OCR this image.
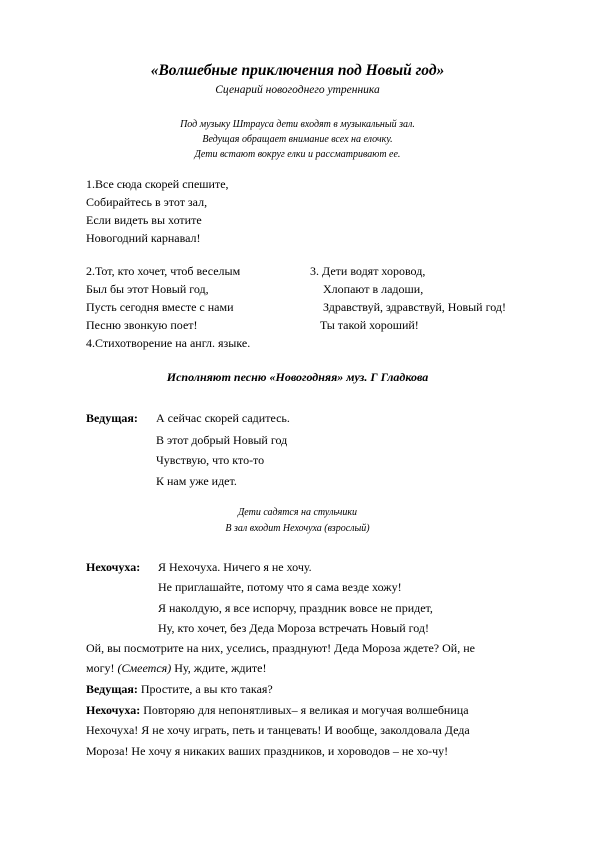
«Волшебные приключения под Новый год»
Сценарий новогоднего утренника
Под музыку Штрауса дети входят в музыкальный зал.
Ведущая обращает внимание всех на елочку.
Дети встают вокруг елки и рассматривают ее.
1.Все сюда скорей спешите,
Собирайтесь в этот зал,
Если видеть вы хотите
Новогодний карнавал!
2.Тот, кто хочет, чтоб веселым
Был бы этот Новый год,
Пусть сегодня вместе с нами
Песню звонкую поет!
4.Стихотворение на англ. языке.
3. Дети водят хоровод,
Хлопают в ладоши,
Здравствуй, здравствуй, Новый год!
Ты такой хороший!
Исполняют песню «Новогодняя» муз. Г Гладкова
Ведущая: А сейчас скорей садитесь.
В этот добрый Новый год
Чувствую, что кто-то
К нам уже идет.
Дети садятся на стульчики
В зал входит Нехочуха (взрослый)
Нехочуха: Я Нехочуха. Ничего я не хочу.
Не приглашайте, потому что я сама везде хожу!
Я наколдую, я все испорчу, праздник вовсе не придет,
Ну, кто хочет, без Деда Мороза встречать Новый год!
Ой, вы посмотрите на них, уселись, празднуют! Деда Мороза ждете? Ой, не
могу! (Смеется) Ну, ждите, ждите!
Ведущая: Простите, а вы кто такая?
Нехочуха: Повторяю для непонятливых– я великая и могучая волшебница
Нехочуха! Я не хочу играть, петь и танцевать! И вообще, заколдовала Деда
Мороза! Не хочу я никаких ваших праздников, и хороводов – не хо-чу!
